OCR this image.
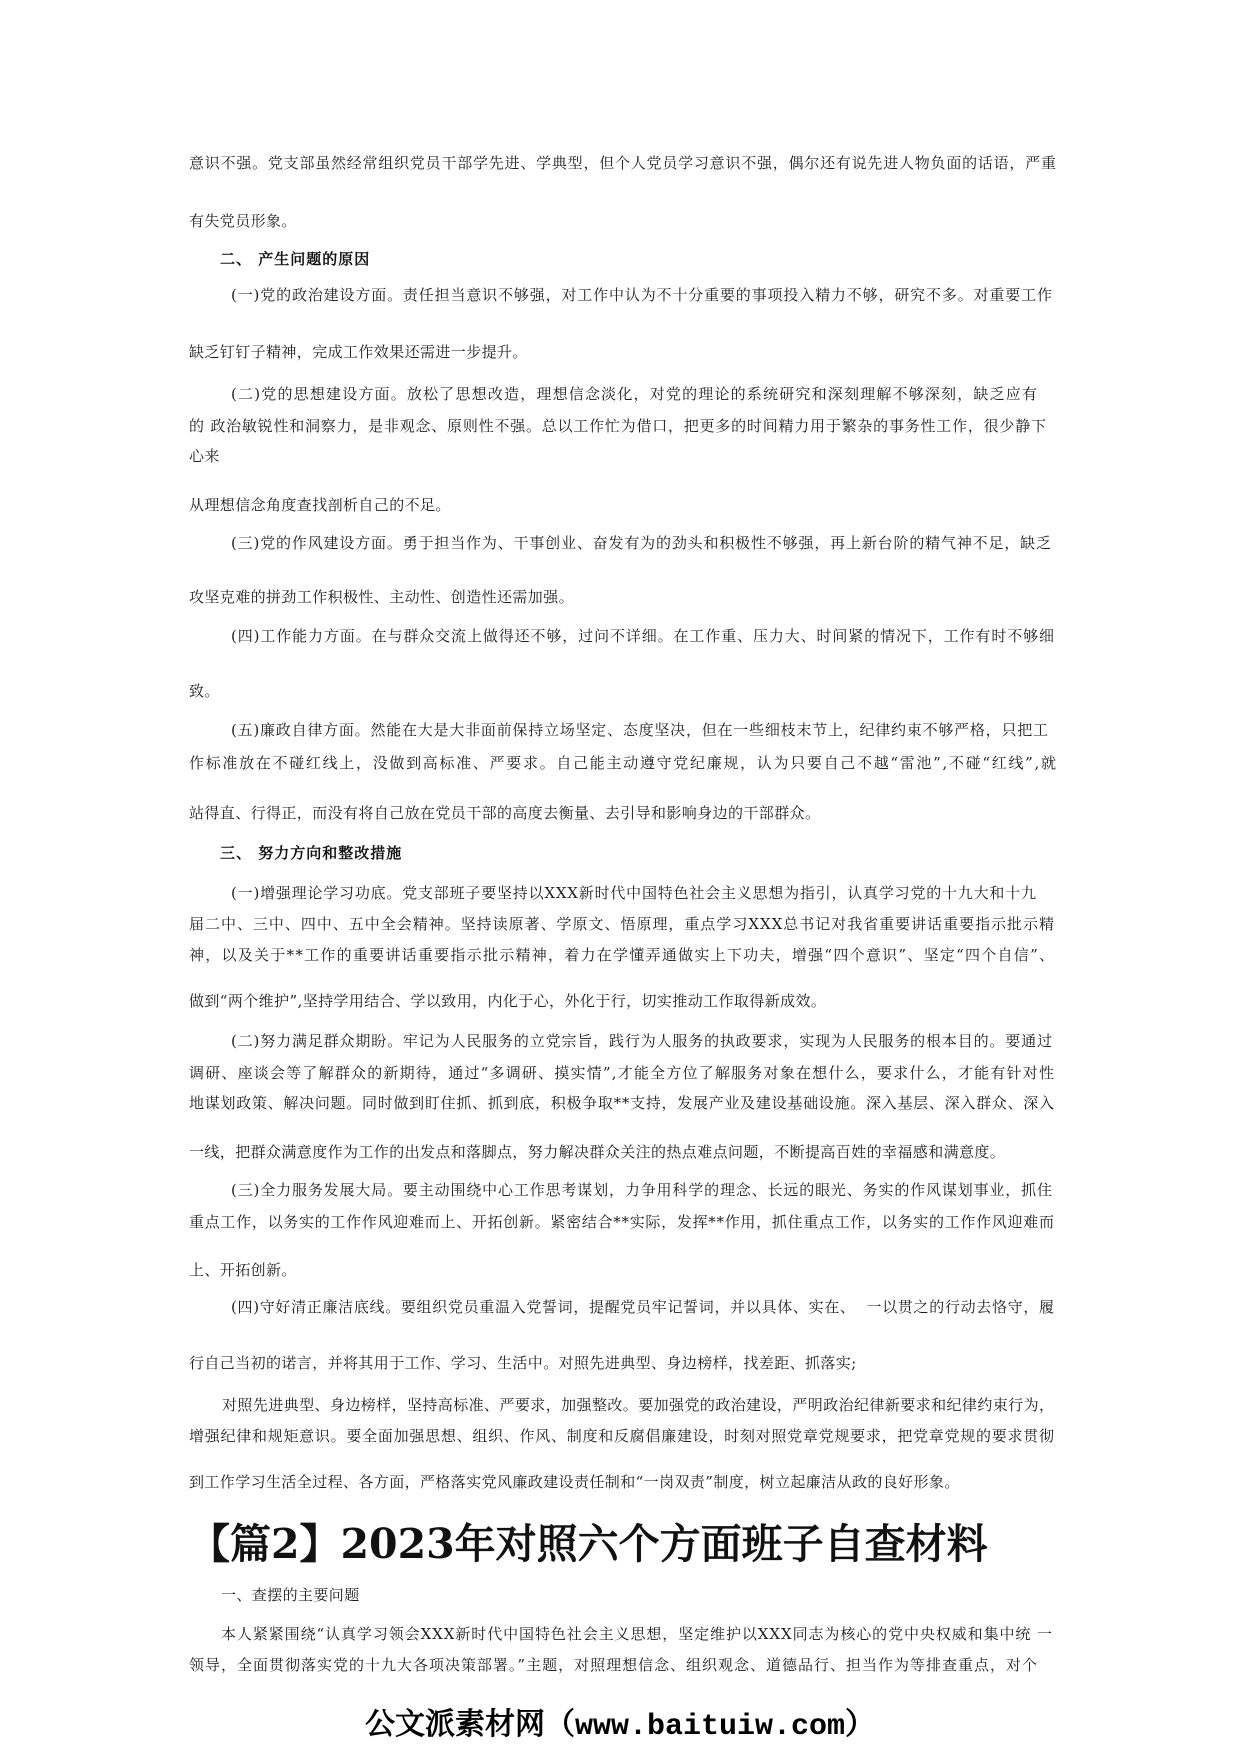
意识不强。党支部虽然经常组织党员干部学先进、学典型，但个人党员学习意识不强，偶尔还有说先进人物负面的话语，严重
有失党员形象。
二、 产生问题的原因
(一)党的政治建设方面。责任担当意识不够强，对工作中认为不十分重要的事项投入精力不够，研究不多。对重要工作
缺乏钉钉子精神，完成工作效果还需进一步提升。
(二)党的思想建设方面。放松了思想改造，理想信念淡化，对党的理论的系统研究和深刻理解不够深刻，缺乏应有
的 政治敏锐性和洞察力，是非观念、原则性不强。总以工作忙为借口，把更多的时间精力用于繁杂的事务性工作，很少静下
心来
从理想信念角度查找剖析自己的不足。
(三)党的作风建设方面。勇于担当作为、干事创业、奋发有为的劲头和积极性不够强，再上新台阶的精气神不足，缺乏
攻坚克难的拼劲工作积极性、主动性、创造性还需加强。
(四)工作能力方面。在与群众交流上做得还不够，过问不详细。在工作重、压力大、时间紧的情况下，工作有时不够细
致。
(五)廉政自律方面。然能在大是大非面前保持立场坚定、态度坚决，但在一些细枝末节上，纪律约束不够严格，只把工
作标准放在不碰红线上，没做到高标准、严要求。自己能主动遵守党纪廉规，认为只要自己不越“雷池”,不碰“红线”,就
站得直、行得正，而没有将自己放在党员干部的高度去衡量、去引导和影响身边的干部群众。
三、 努力方向和整改措施
(一)增强理论学习功底。党支部班子要坚持以XXX新时代中国特色社会主义思想为指引，认真学习党的十九大和十九
届二中、三中、四中、五中全会精神。坚持读原著、学原文、悟原理，重点学习XXX总书记对我省重要讲话重要指示批示精
神，以及关于**工作的重要讲话重要指示批示精神，着力在学懂弄通做实上下功夫，增强“四个意识”、坚定“四个自信”、
做到“两个维护”,坚持学用结合、学以致用，内化于心，外化于行，切实推动工作取得新成效。
(二)努力满足群众期盼。牢记为人民服务的立党宗旨，践行为人服务的执政要求，实现为人民服务的根本目的。要通过
调研、座谈会等了解群众的新期待，通过“多调研、摸实情”,才能全方位了解服务对象在想什么，要求什么，才能有针对性
地谋划政策、解决问题。同时做到盯住抓、抓到底，积极争取**支持，发展产业及建设基础设施。深入基层、深入群众、深入
一线，把群众满意度作为工作的出发点和落脚点，努力解决群众关注的热点难点问题，不断提高百姓的幸福感和满意度。
(三)全力服务发展大局。要主动围绕中心工作思考谋划，力争用科学的理念、长远的眼光、务实的作风谋划事业，抓住
重点工作，以务实的工作作风迎难而上、开拓创新。紧密结合**实际，发挥**作用，抓住重点工作，以务实的工作作风迎难而
上、开拓创新。
(四)守好清正廉洁底线。要组织党员重温入党誓词，提醒党员牢记誓词，并以具体、实在、  一以贯之的行动去恪守，履
行自己当初的诺言，并将其用于工作、学习、生活中。对照先进典型、身边榜样，找差距、抓落实;
对照先进典型、身边榜样，坚持高标准、严要求，加强整改。要加强党的政治建设，严明政治纪律新要求和纪律约束行为，
增强纪律和规矩意识。要全面加强思想、组织、作风、制度和反腐倡廉建设，时刻对照党章党规要求，把党章党规的要求贯彻
到工作学习生活全过程、各方面，严格落实党风廉政建设责任制和“一岗双责”制度，树立起廉洁从政的良好形象。
【篇2】2023年对照六个方面班子自查材料
一、查摆的主要问题
本人紧紧围绕“认真学习领会XXX新时代中国特色社会主义思想，坚定维护以XXX同志为核心的党中央权威和集中统 一
领导，全面贯彻落实党的十九大各项决策部署。”主题，对照理想信念、组织观念、道德品行、担当作为等排查重点，对个
公文派素材网（www.baituiw.com）
